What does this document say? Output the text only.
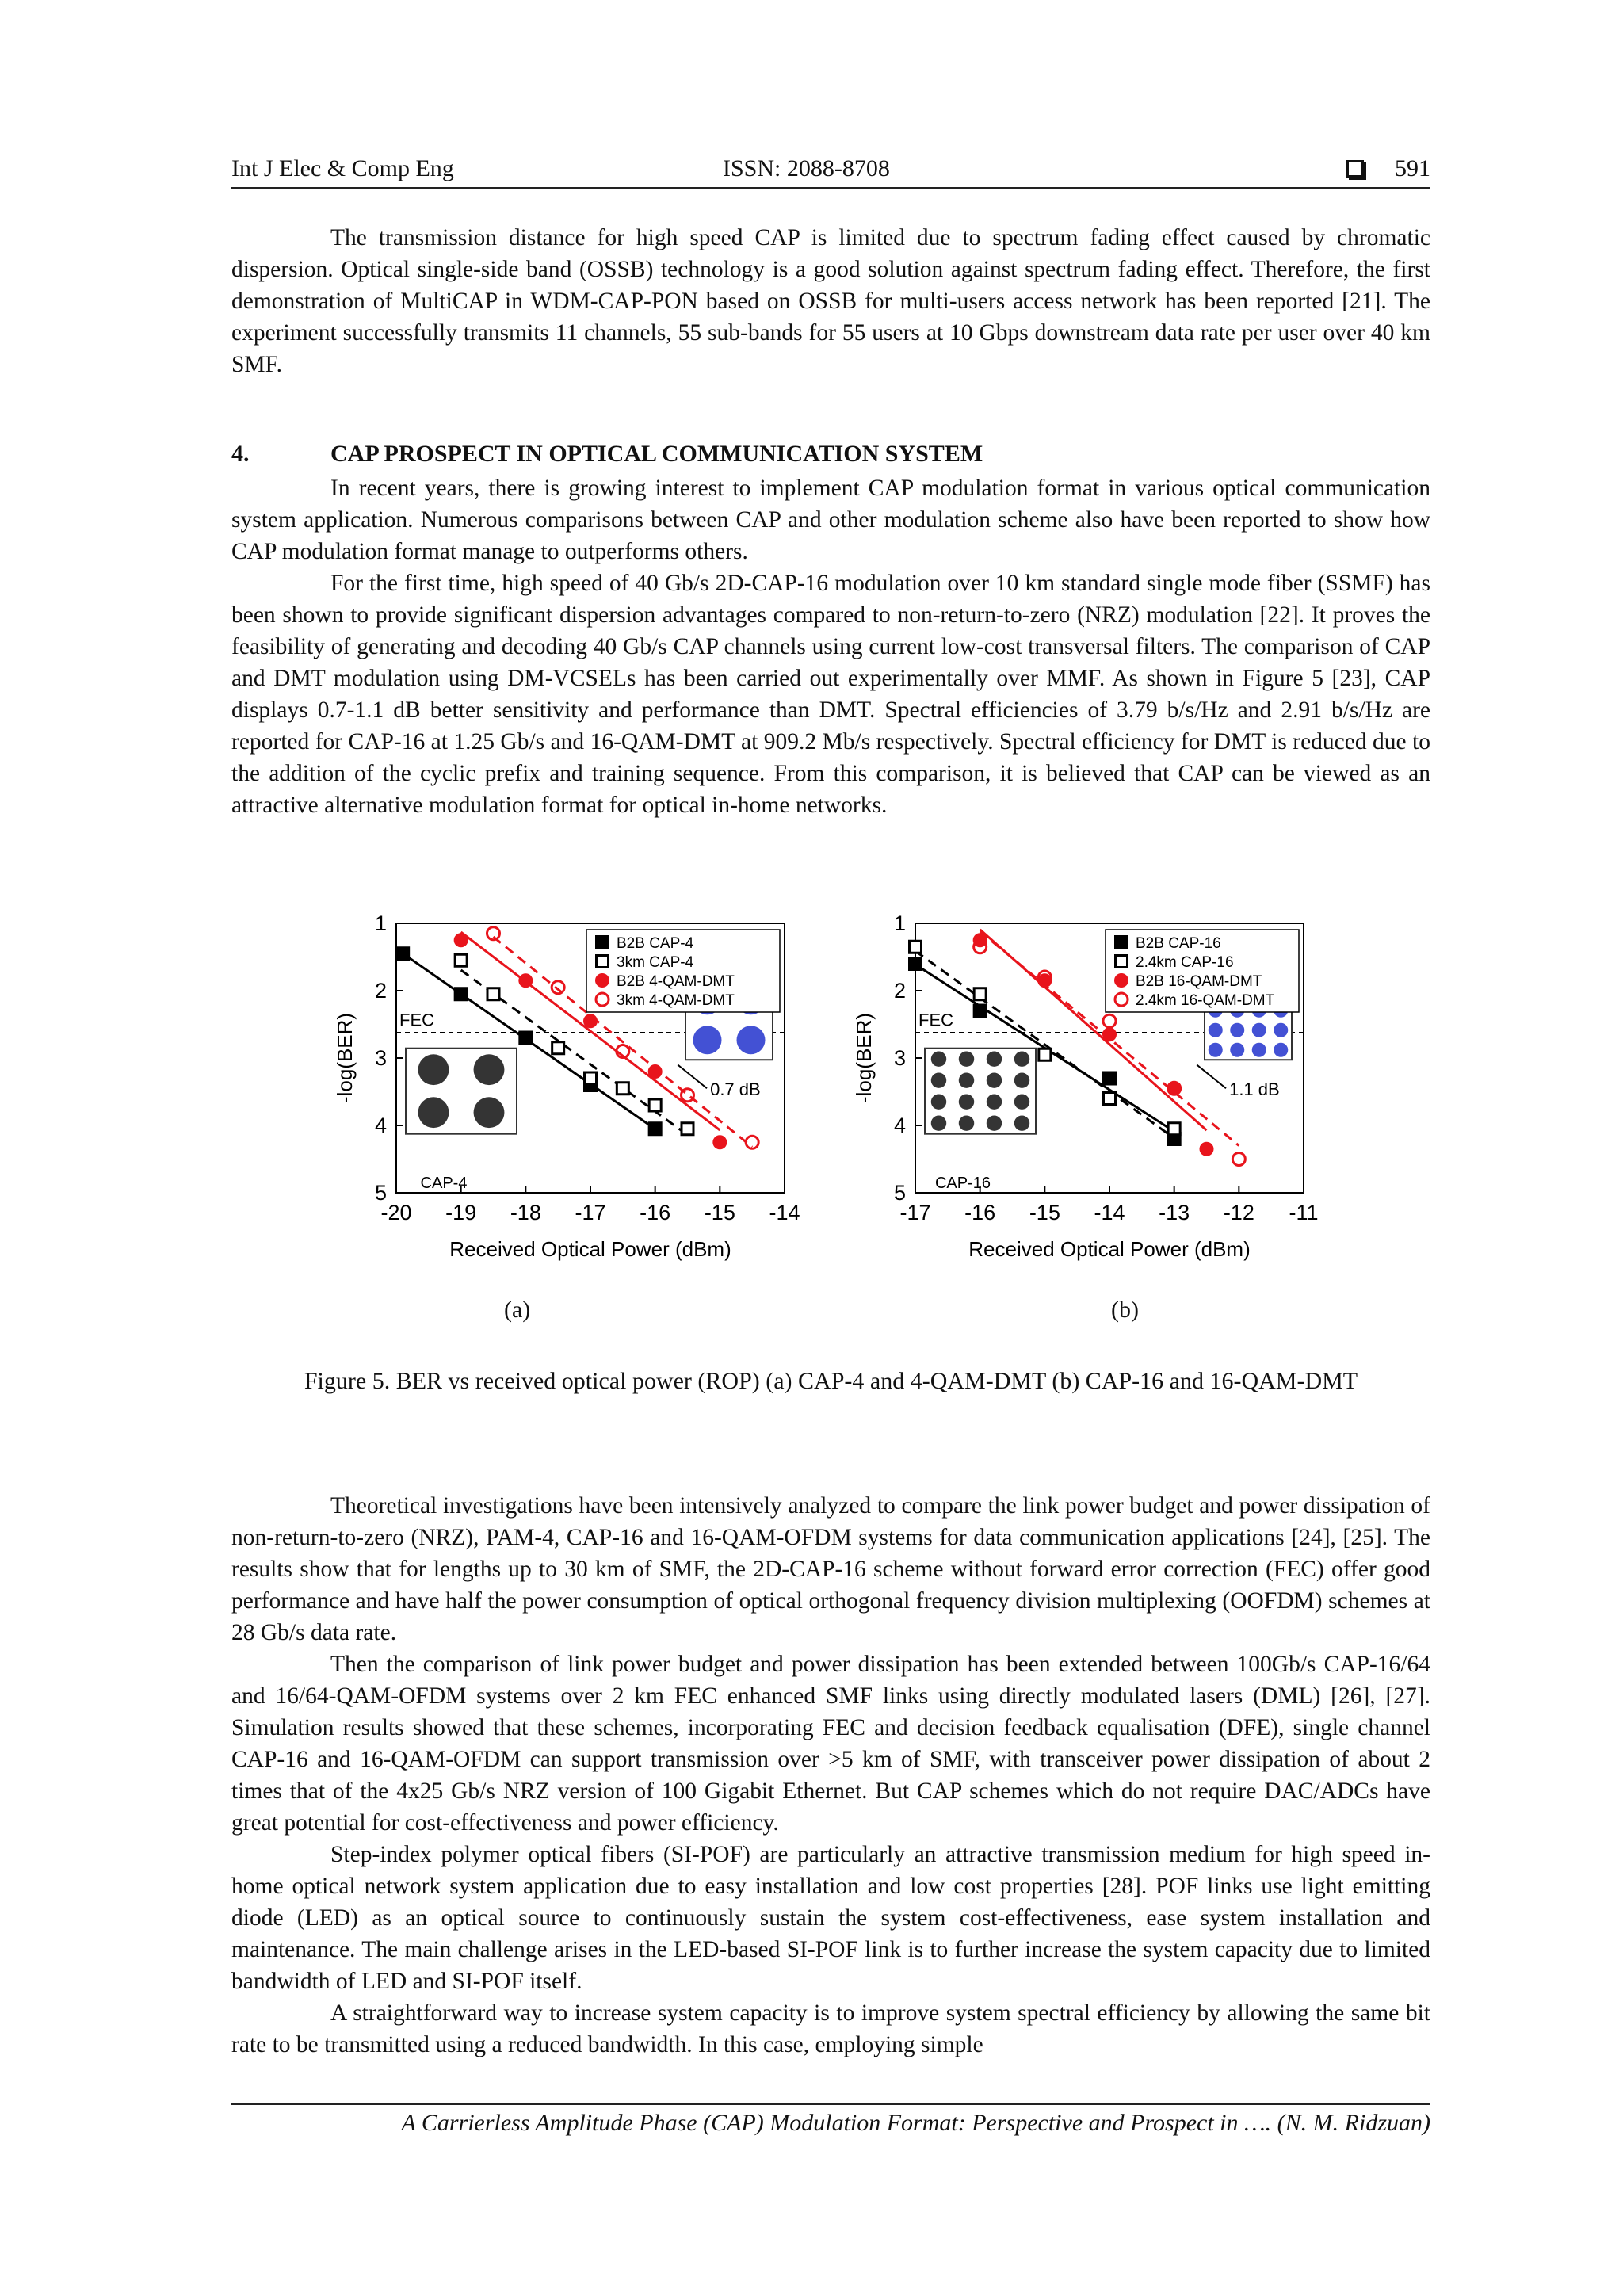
Int J Elec & Comp Eng	ISSN: 2088-8708	591

The transmission distance for high speed CAP is limited due to spectrum fading effect caused by chromatic dispersion. Optical single-side band (OSSB) technology is a good solution against spectrum fading effect. Therefore, the first demonstration of MultiCAP in WDM-CAP-PON based on OSSB for multi-users access network has been reported [21]. The experiment successfully transmits 11 channels, 55 sub-bands for 55 users at 10 Gbps downstream data rate per user over 40 km SMF.

4.	CAP PROSPECT IN OPTICAL COMMUNICATION SYSTEM

In recent years, there is growing interest to implement CAP modulation format in various optical communication system application. Numerous comparisons between CAP and other modulation scheme also have been reported to show how CAP modulation format manage to outperforms others.

For the first time, high speed of 40 Gb/s 2D-CAP-16 modulation over 10 km standard single mode fiber (SSMF) has been shown to provide significant dispersion advantages compared to non-return-to-zero (NRZ) modulation [22]. It proves the feasibility of generating and decoding 40 Gb/s CAP channels using current low-cost transversal filters. The comparison of CAP and DMT modulation using DM-VCSELs has been carried out experimentally over MMF. As shown in Figure 5 [23], CAP displays 0.7-1.1 dB better sensitivity and performance than DMT. Spectral efficiencies of 3.79 b/s/Hz and 2.91 b/s/Hz are reported for CAP-16 at 1.25 Gb/s and 16-QAM-DMT at 909.2 Mb/s respectively. Spectral efficiency for DMT is reduced due to the addition of the cyclic prefix and training sequence. From this comparison, it is believed that CAP can be viewed as an attractive alternative modulation format for optical in-home networks.

-20 -19 -18 -17 -16 -15 -14
1
2
3
4
5
Received Optical Power (dBm)
-log(BER) FEC
CAP-4
B2B CAP-4
3km CAP-4
B2B 4-QAM-DMT
3km 4-QAM-DMT
0.7 dB
-17 -16 -15 -14 -13 -12 -11
1
2
3
4
5
Received Optical Power (dBm)
-log(BER) FEC
CAP-16
B2B CAP-16
2.4km CAP-16
B2B 16-QAM-DMT
2.4km 16-QAM-DMT
1.1 dB
(a)	(b)
Figure 5. BER vs received optical power (ROP) (a) CAP-4 and 4-QAM-DMT (b) CAP-16 and 16-QAM-DMT

Theoretical investigations have been intensively analyzed to compare the link power budget and power dissipation of non-return-to-zero (NRZ), PAM-4, CAP-16 and 16-QAM-OFDM systems for data communication applications [24], [25]. The results show that for lengths up to 30 km of SMF, the 2D-CAP-16 scheme without forward error correction (FEC) offer good performance and have half the power consumption of optical orthogonal frequency division multiplexing (OOFDM) schemes at 28 Gb/s data rate.

Then the comparison of link power budget and power dissipation has been extended between 100Gb/s CAP-16/64 and 16/64-QAM-OFDM systems over 2 km FEC enhanced SMF links using directly modulated lasers (DML) [26], [27]. Simulation results showed that these schemes, incorporating FEC and decision feedback equalisation (DFE), single channel CAP-16 and 16-QAM-OFDM can support transmission over >5 km of SMF, with transceiver power dissipation of about 2 times that of the 4x25 Gb/s NRZ version of 100 Gigabit Ethernet. But CAP schemes which do not require DAC/ADCs have great potential for cost-effectiveness and power efficiency.

Step-index polymer optical fibers (SI-POF) are particularly an attractive transmission medium for high speed in-home optical network system application due to easy installation and low cost properties [28]. POF links use light emitting diode (LED) as an optical source to continuously sustain the system cost-effectiveness, ease system installation and maintenance. The main challenge arises in the LED-based SI-POF link is to further increase the system capacity due to limited bandwidth of LED and SI-POF itself.

A straightforward way to increase system capacity is to improve system spectral efficiency by allowing the same bit rate to be transmitted using a reduced bandwidth. In this case, employing simple

A Carrierless Amplitude Phase (CAP) Modulation Format: Perspective and Prospect in …. (N. M. Ridzuan)
